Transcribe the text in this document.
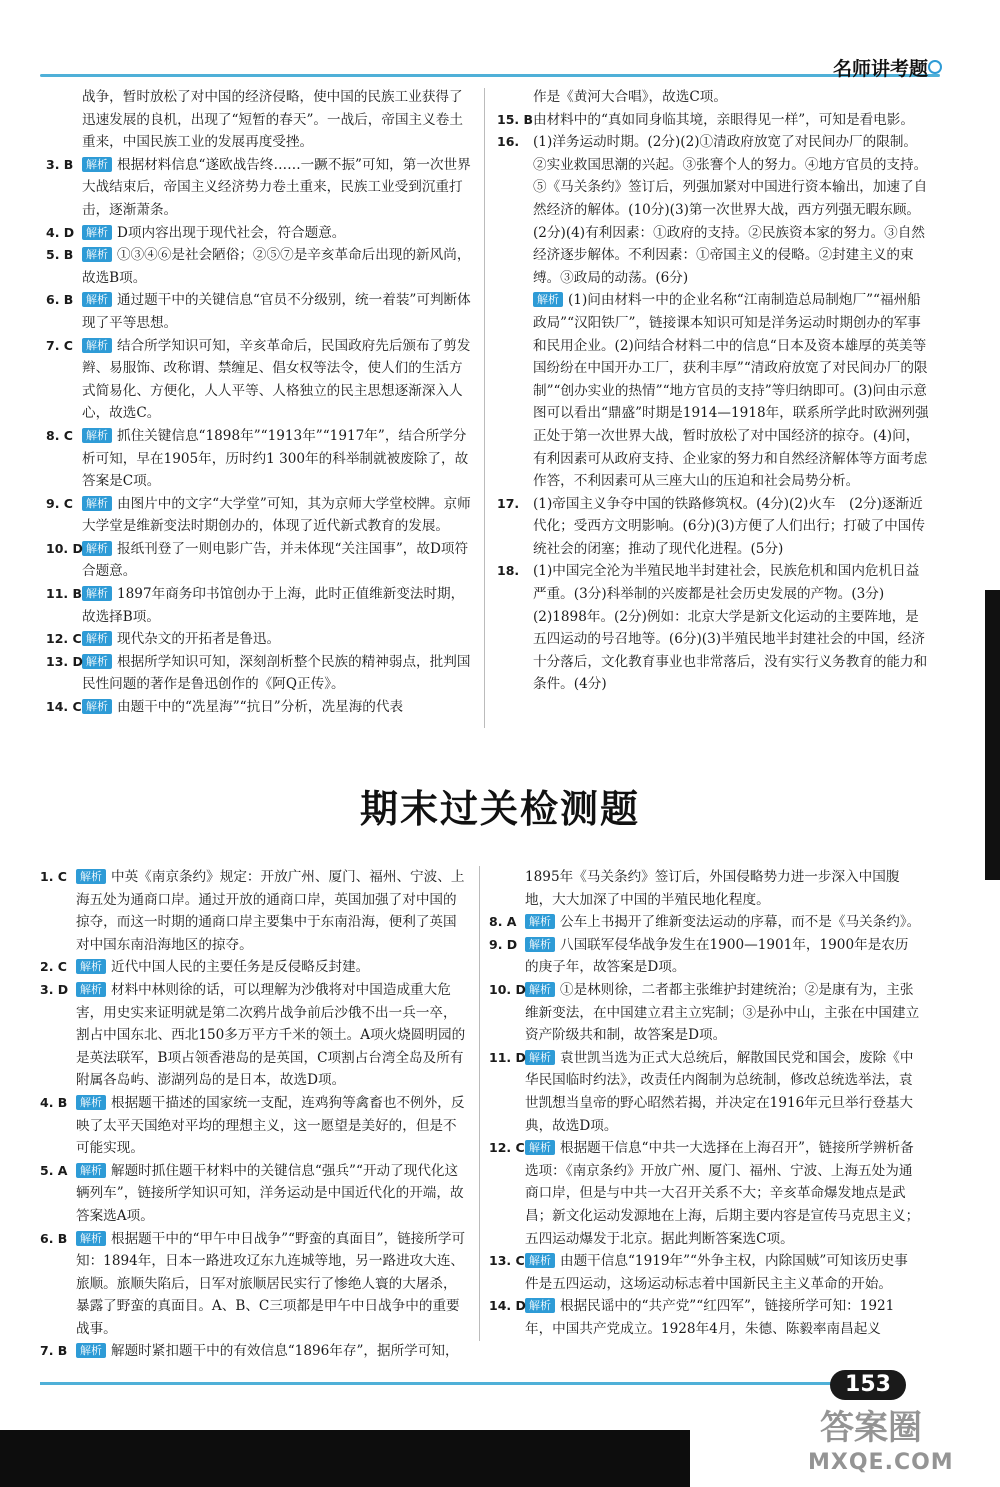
名师讲考题
战争，暂时放松了对中国的经济侵略，使中国的民族工业获得了迅速发展的良机，出现了“短暂的春天”。一战后，帝国主义卷土重来，中国民族工业的发展再度受挫。
3. B 解析 根据材料信息“遂欧战告终……一蹶不振”可知，第一次世界大战结束后，帝国主义经济势力卷土重来，民族工业受到沉重打击，逐渐萧条。
4. D 解析 D项内容出现于现代社会，符合题意。
5. B 解析 ①③④⑥是社会陋俗；②⑤⑦是辛亥革命后出现的新风尚，故选B项。
6. B 解析 通过题干中的关键信息“官员不分级别，统一着装”可判断体现了平等思想。
7. C 解析 结合所学知识可知，辛亥革命后，民国政府先后颁布了剪发辫、易服饰、改称谓、禁缠足、倡女权等法令，使人们的生活方式简易化、方便化，人人平等、人格独立的民主思想逐渐深入人心，故选C。
8. C 解析 抓住关键信息“1898年”“1913年”“1917年”，结合所学分析可知，早在1905年，历时约1 300年的科举制就被废除了，故答案是C项。
9. C 解析 由图片中的文字“大学堂”可知，其为京师大学堂校牌。京师大学堂是维新变法时期创办的，体现了近代新式教育的发展。
10. D 解析 报纸刊登了一则电影广告，并未体现“关注国事”，故D项符合题意。
11. B 解析 1897年商务印书馆创办于上海，此时正值维新变法时期，故选择B项。
12. C 解析 现代杂文的开拓者是鲁迅。
13. D 解析 根据所学知识可知，深刻剖析整个民族的精神弱点，批判国民性问题的著作是鲁迅创作的《阿Q正传》。
14. C 解析 由题干中的“冼星海”“抗日”分析，冼星海的代表
作是《黄河大合唱》，故选C项。
15. B 由材料中的“真如同身临其境，亲眼得见一样”，可知是看电影。
16. (1)洋务运动时期。(2分)(2)①清政府放宽了对民间办厂的限制。②实业救国思潮的兴起。③张謇个人的努力。④地方官员的支持。⑤《马关条约》签订后，列强加紧对中国进行资本输出，加速了自然经济的解体。(10分)(3)第一次世界大战，西方列强无暇东顾。(2分)(4)有利因素：①政府的支持。②民族资本家的努力。③自然经济逐步解体。不利因素：①帝国主义的侵略。②封建主义的束缚。③政局的动荡。(6分)
解析 (1)问由材料一中的企业名称“江南制造总局制炮厂”“福州船政局”“汉阳铁厂”，链接课本知识可知是洋务运动时期创办的军事和民用企业。(2)问结合材料二中的信息“日本及资本雄厚的英美等国纷纷在中国开办工厂，获利丰厚”“清政府放宽了对民间办厂的限制”“创办实业的热情”“地方官员的支持”等归纳即可。(3)问由示意图可以看出“鼎盛”时期是1914—1918年，联系所学此时欧洲列强正处于第一次世界大战，暂时放松了对中国经济的掠夺。(4)问，有利因素可从政府支持、企业家的努力和自然经济解体等方面考虑作答，不利因素可从三座大山的压迫和社会局势分析。
17. (1)帝国主义争夺中国的铁路修筑权。(4分)(2)火车　(2分)逐渐近代化；受西方文明影响。(6分)(3)方便了人们出行；打破了中国传统社会的闭塞；推动了现代化进程。(5分)
18. (1)中国完全沦为半殖民地半封建社会，民族危机和国内危机日益严重。(3分)科举制的兴废都是社会历史发展的产物。(3分)(2)1898年。(2分)例如：北京大学是新文化运动的主要阵地，是五四运动的号召地等。(6分)(3)半殖民地半封建社会的中国，经济十分落后，文化教育事业也非常落后，没有实行义务教育的能力和条件。(4分)
期末过关检测题
1. C 解析 中英《南京条约》规定：开放广州、厦门、福州、宁波、上海五处为通商口岸。通过开放的通商口岸，英国加强了对中国的掠夺，而这一时期的通商口岸主要集中于东南沿海，便利了英国对中国东南沿海地区的掠夺。
2. C 解析 近代中国人民的主要任务是反侵略反封建。
3. D 解析 材料中林则徐的话，可以理解为沙俄将对中国造成重大危害，用史实来证明就是第二次鸦片战争前后沙俄不出一兵一卒，割占中国东北、西北150多万平方千米的领土。A项火烧圆明园的是英法联军，B项占领香港岛的是英国，C项割占台湾全岛及所有附属各岛屿、澎湖列岛的是日本，故选D项。
4. B 解析 根据题干描述的国家统一支配，连鸡狗等禽畜也不例外，反映了太平天国绝对平均的理想主义，这一愿望是美好的，但是不可能实现。
5. A 解析 解题时抓住题干材料中的关键信息“强兵”“开动了现代化这辆列车”，链接所学知识可知，洋务运动是中国近代化的开端，故答案选A项。
6. B 解析 根据题干中的“甲午中日战争”“野蛮的真面目”，链接所学可知：1894年，日本一路进攻辽东九连城等地，另一路进攻大连、旅顺。旅顺失陷后，日军对旅顺居民实行了惨绝人寰的大屠杀，暴露了野蛮的真面目。A、B、C三项都是甲午中日战争中的重要战事。
7. B 解析 解题时紧扣题干中的有效信息“1896年存”，据所学可知，
1895年《马关条约》签订后，外国侵略势力进一步深入中国腹地，大大加深了中国的半殖民地化程度。
8. A 解析 公车上书揭开了维新变法运动的序幕，而不是《马关条约》。
9. D 解析 八国联军侵华战争发生在1900—1901年，1900年是农历的庚子年，故答案是D项。
10. D 解析 ①是林则徐，二者都主张维护封建统治；②是康有为，主张维新变法，在中国建立君主立宪制；③是孙中山，主张在中国建立资产阶级共和制，故答案是D项。
11. D 解析 袁世凯当选为正式大总统后，解散国民党和国会，废除《中华民国临时约法》，改责任内阁制为总统制，修改总统选举法，袁世凯想当皇帝的野心昭然若揭，并决定在1916年元旦举行登基大典，故选D项。
12. C 解析 根据题干信息“中共一大选择在上海召开”，链接所学辨析备选项：《南京条约》开放广州、厦门、福州、宁波、上海五处为通商口岸，但是与中共一大召开关系不大；辛亥革命爆发地点是武昌；新文化运动发源地在上海，后期主要内容是宣传马克思主义；五四运动爆发于北京。据此判断答案选C项。
13. C 解析 由题干信息“1919年”“外争主权，内除国贼”可知该历史事件是五四运动，这场运动标志着中国新民主主义革命的开始。
14. D 解析 根据民谣中的“共产党”“红四军”，链接所学可知：1921年，中国共产党成立。1928年4月，朱德、陈毅率南昌起义
153
答案圈
MXQE.COM
